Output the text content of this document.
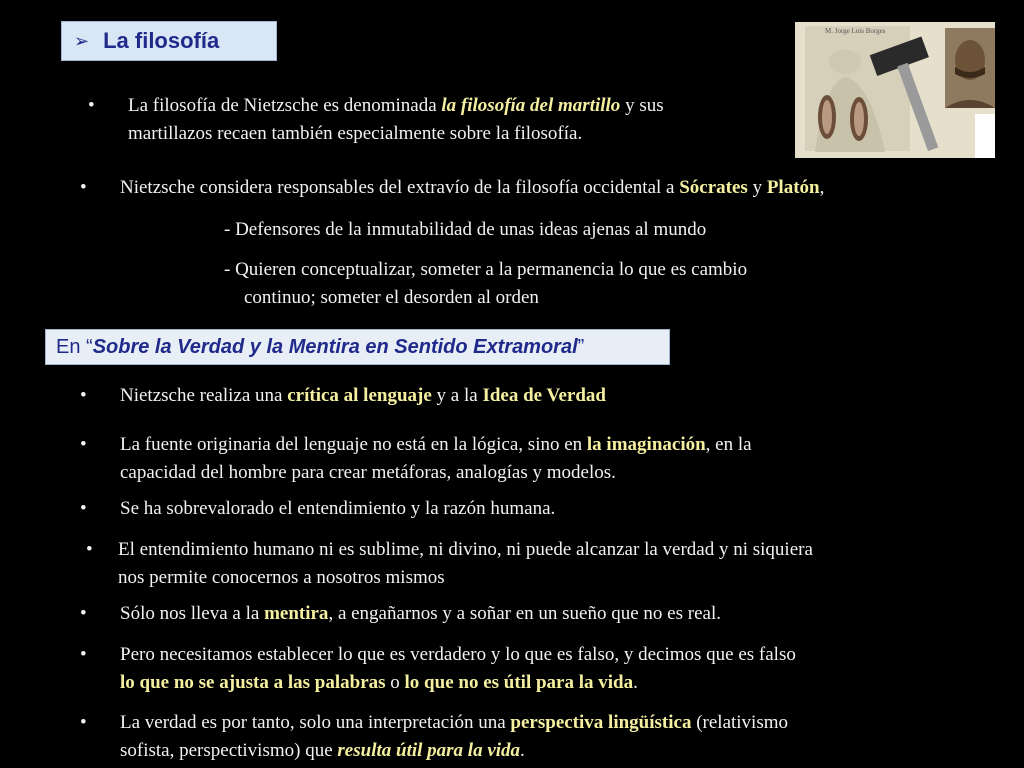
➢ La filosofía	M. Jorge Luis Borges
• La filosofía de Nietzsche es denominada la filosofía del martillo y sus
martillazos recaen también especialmente sobre la filosofía.
• Nietzsche considera responsables del extravío de la filosofía occidental a Sócrates y Platón,
- Defensores de la inmutabilidad de unas ideas ajenas al mundo
- Quieren conceptualizar, someter a la permanencia lo que es cambio
continuo; someter el desorden al orden
En “ Sobre la Verdad y la Mentira en Sentido Extramoral ”
• Nietzsche realiza una crítica al lenguaje y a la Idea de Verdad
• La fuente originaria del lenguaje no está en la lógica, sino en la imaginación, en la
capacidad del hombre para crear metáforas, analogías y modelos.
• Se ha sobrevalorado el entendimiento y la razón humana.
• El entendimiento humano ni es sublime, ni divino, ni puede alcanzar la verdad y ni siquiera
nos permite conocernos a nosotros mismos
• Sólo nos lleva a la mentira, a engañarnos y a soñar en un sueño que no es real.
• Pero necesitamos establecer lo que es verdadero y lo que es falso, y decimos que es falso
lo que no se ajusta a las palabras o lo que no es útil para la vida.
• La verdad es por tanto, solo una interpretación una perspectiva lingüística (relativismo
sofista, perspectivismo) que resulta útil para la vida.
